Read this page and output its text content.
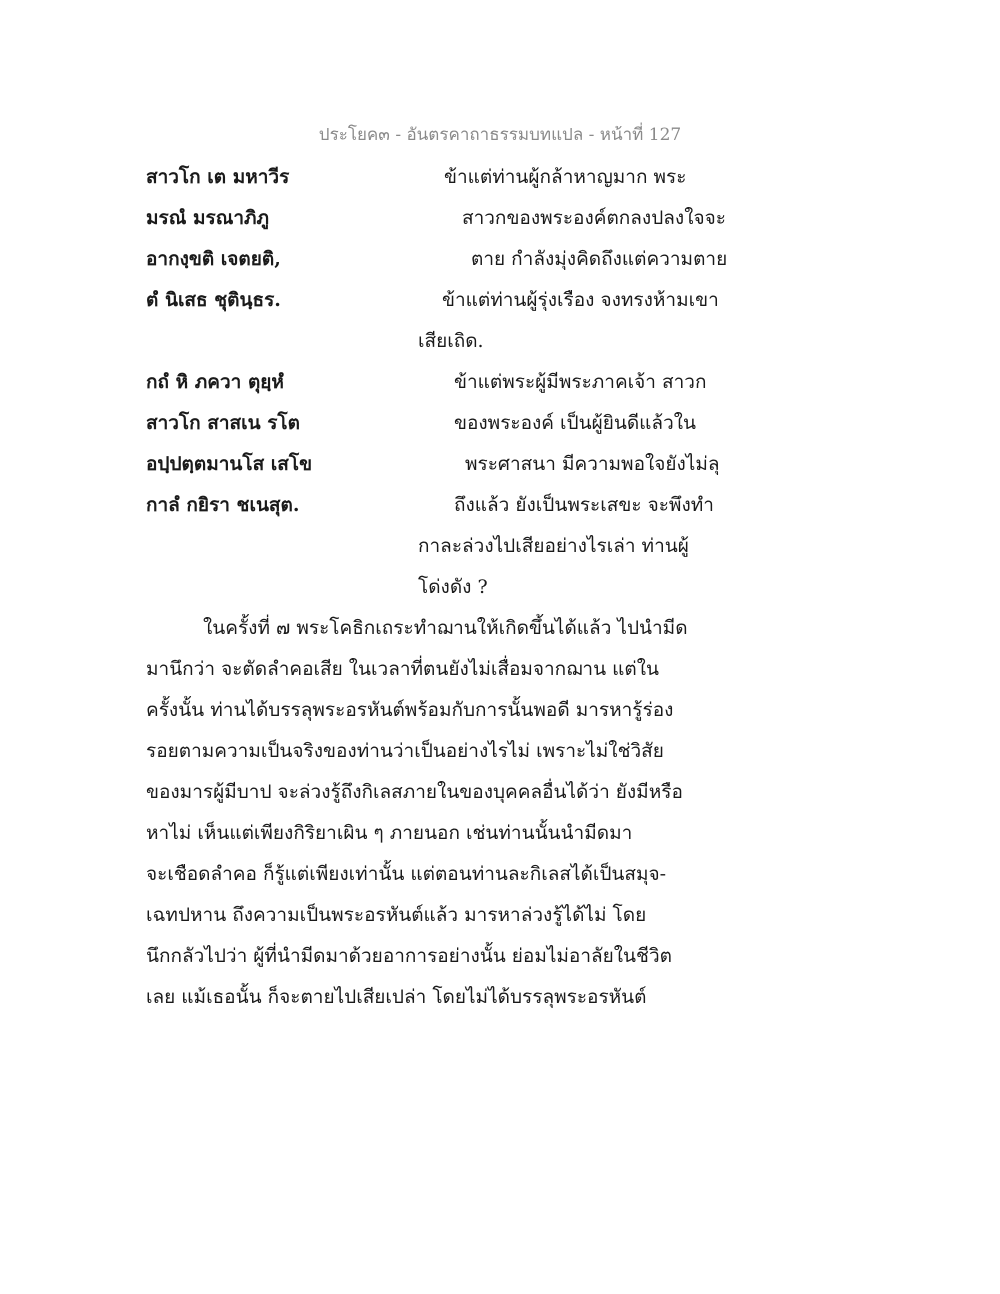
ประโยค๓ - อันตรคาถาธรรมบทแปล - หน้าที่ 127
สาวโก เต มหาวีร
มรณํ มรณาภิภู
อากงฺขติ เจตยติ,
ตํ นิเสธ ชุตินฺธร.
ข้าแต่ท่านผู้กล้าหาญมาก พระ
สาวกของพระองค์ตกลงปลงใจจะ
ตาย กำลังมุ่งคิดถึงแต่ความตาย
ข้าแต่ท่านผู้รุ่งเรือง จงทรงห้ามเขา
เสียเถิด.
กถํ หิ ภควา ตุยฺหํ
สาวโก สาสเน รโต
อปฺปตฺตมานโส เสโข
กาลํ กยิรา ชเนสุต.
ข้าแต่พระผู้มีพระภาคเจ้า สาวก
ของพระองค์ เป็นผู้ยินดีแล้วใน
พระศาสนา มีความพอใจยังไม่ลุ
ถึงแล้ว ยังเป็นพระเสขะ จะพึงทำ
กาละล่วงไปเสียอย่างไรเล่า ท่านผู้
โด่งดัง ?
ในครั้งที่ ๗ พระโคธิกเถระทำฌานให้เกิดขึ้นได้แล้ว ไปนำมีด
มานึกว่า จะตัดลำคอเสีย ในเวลาที่ตนยังไม่เสื่อมจากฌาน แต่ใน
ครั้งนั้น ท่านได้บรรลุพระอรหันต์พร้อมกับการนั้นพอดี มารหารู้ร่อง
รอยตามความเป็นจริงของท่านว่าเป็นอย่างไรไม่ เพราะไม่ใช่วิสัย
ของมารผู้มีบาป จะล่วงรู้ถึงกิเลสภายในของบุคคลอื่นได้ว่า ยังมีหรือ
หาไม่ เห็นแต่เพียงกิริยาเผิน ๆ ภายนอก เช่นท่านนั้นนำมีดมา
จะเชือดลำคอ ก็รู้แต่เพียงเท่านั้น แต่ตอนท่านละกิเลสได้เป็นสมุจ-
เฉทปหาน ถึงความเป็นพระอรหันต์แล้ว มารหาล่วงรู้ได้ไม่ โดย
นึกกลัวไปว่า ผู้ที่นำมีดมาด้วยอาการอย่างนั้น ย่อมไม่อาลัยในชีวิต
เลย แม้เธอนั้น ก็จะตายไปเสียเปล่า โดยไม่ได้บรรลุพระอรหันต์
